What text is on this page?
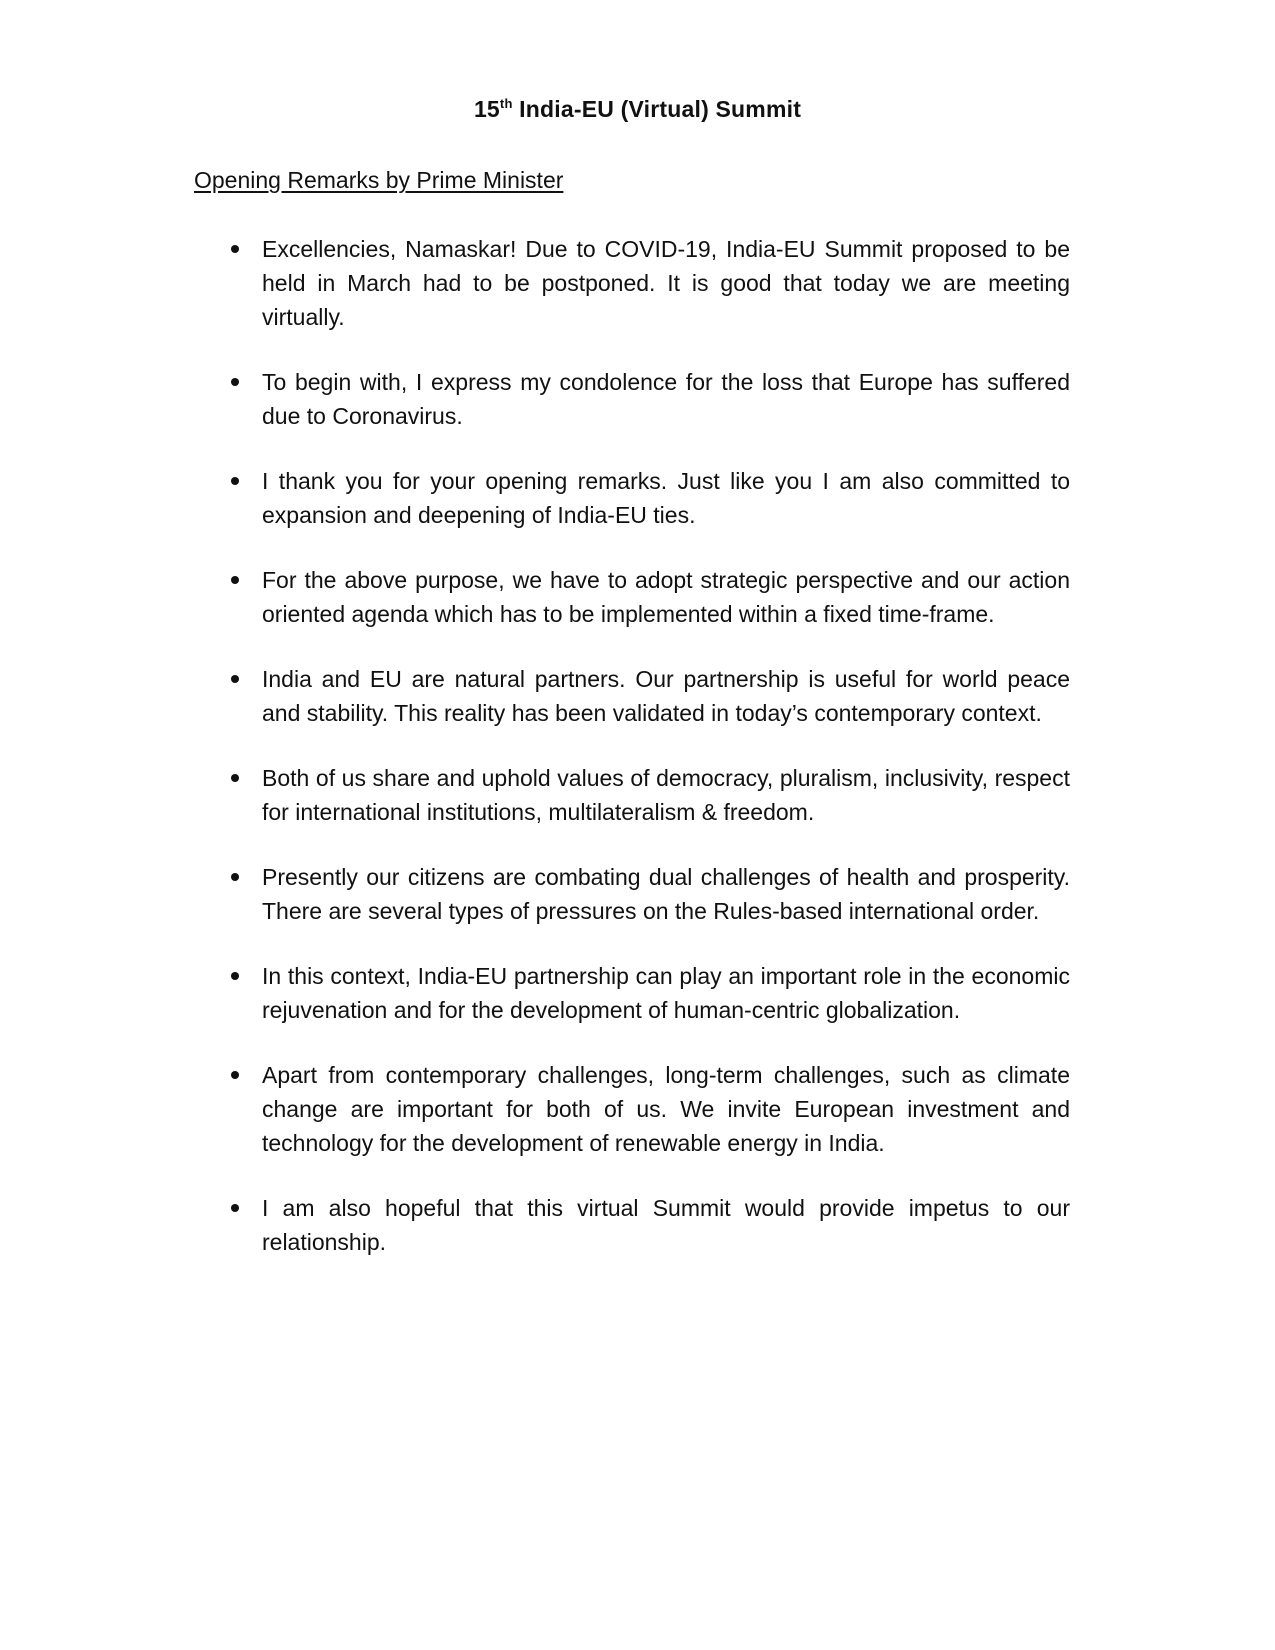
15th India-EU (Virtual) Summit
Opening Remarks by Prime Minister
Excellencies, Namaskar! Due to COVID-19, India-EU Summit proposed to be held in March had to be postponed. It is good that today we are meeting virtually.
To begin with, I express my condolence for the loss that Europe has suffered due to Coronavirus.
I thank you for your opening remarks. Just like you I am also committed to expansion and deepening of India-EU ties.
For the above purpose, we have to adopt strategic perspective and our action oriented agenda which has to be implemented within a fixed time-frame.
India and EU are natural partners. Our partnership is useful for world peace and stability. This reality has been validated in today’s contemporary context.
Both of us share and uphold values of democracy, pluralism, inclusivity, respect for international institutions, multilateralism & freedom.
Presently our citizens are combating dual challenges of health and prosperity. There are several types of pressures on the Rules-based international order.
In this context, India-EU partnership can play an important role in the economic rejuvenation and for the development of human-centric globalization.
Apart from contemporary challenges, long-term challenges, such as climate change are important for both of us. We invite European investment and technology for the development of renewable energy in India.
I am also hopeful that this virtual Summit would provide impetus to our relationship.
